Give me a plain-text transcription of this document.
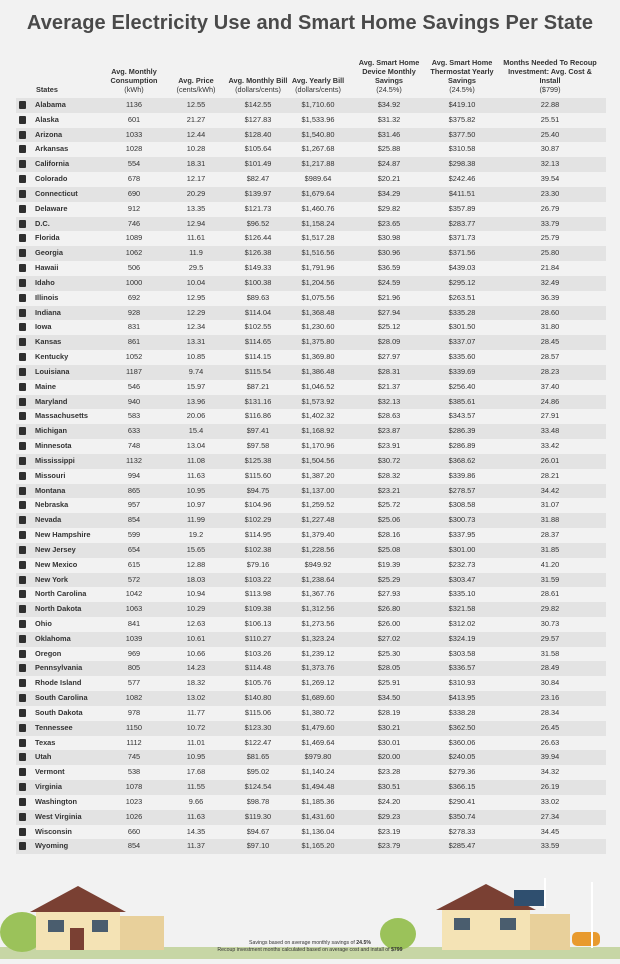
Average Electricity Use and Smart Home Savings Per State
States
Avg. Monthly Consumption
(kWh)
Avg. Price
(cents/kWh)
Avg. Monthly Bill
(dollars/cents)
Avg. Yearly Bill
(dollars/cents)
Avg. Smart Home Device Monthly Savings
(24.5%)
Avg. Smart Home Thermostat Yearly Savings
(24.5%)
Months Needed To Recoup Investment: Avg. Cost & Install
($799)
Alabama	1136	12.55	$142.55	$1,710.60	$34.92	$419.10	22.88
Alaska	601	21.27	$127.83	$1,533.96	$31.32	$375.82	25.51
Arizona	1033	12.44	$128.40	$1,540.80	$31.46	$377.50	25.40
Arkansas	1028	10.28	$105.64	$1,267.68	$25.88	$310.58	30.87
California	554	18.31	$101.49	$1,217.88	$24.87	$298.38	32.13
Colorado	678	12.17	$82.47	$989.64	$20.21	$242.46	39.54
Connecticut	690	20.29	$139.97	$1,679.64	$34.29	$411.51	23.30
Delaware	912	13.35	$121.73	$1,460.76	$29.82	$357.89	26.79
D.C.	746	12.94	$96.52	$1,158.24	$23.65	$283.77	33.79
Florida	1089	11.61	$126.44	$1,517.28	$30.98	$371.73	25.79
Georgia	1062	11.9	$126.38	$1,516.56	$30.96	$371.56	25.80
Hawaii	506	29.5	$149.33	$1,791.96	$36.59	$439.03	21.84
Idaho	1000	10.04	$100.38	$1,204.56	$24.59	$295.12	32.49
Illinois	692	12.95	$89.63	$1,075.56	$21.96	$263.51	36.39
Indiana	928	12.29	$114.04	$1,368.48	$27.94	$335.28	28.60
Iowa	831	12.34	$102.55	$1,230.60	$25.12	$301.50	31.80
Kansas	861	13.31	$114.65	$1,375.80	$28.09	$337.07	28.45
Kentucky	1052	10.85	$114.15	$1,369.80	$27.97	$335.60	28.57
Louisiana	1187	9.74	$115.54	$1,386.48	$28.31	$339.69	28.23
Maine	546	15.97	$87.21	$1,046.52	$21.37	$256.40	37.40
Maryland	940	13.96	$131.16	$1,573.92	$32.13	$385.61	24.86
Massachusetts	583	20.06	$116.86	$1,402.32	$28.63	$343.57	27.91
Michigan	633	15.4	$97.41	$1,168.92	$23.87	$286.39	33.48
Minnesota	748	13.04	$97.58	$1,170.96	$23.91	$286.89	33.42
Mississippi	1132	11.08	$125.38	$1,504.56	$30.72	$368.62	26.01
Missouri	994	11.63	$115.60	$1,387.20	$28.32	$339.86	28.21
Montana	865	10.95	$94.75	$1,137.00	$23.21	$278.57	34.42
Nebraska	957	10.97	$104.96	$1,259.52	$25.72	$308.58	31.07
Nevada	854	11.99	$102.29	$1,227.48	$25.06	$300.73	31.88
New Hampshire	599	19.2	$114.95	$1,379.40	$28.16	$337.95	28.37
New Jersey	654	15.65	$102.38	$1,228.56	$25.08	$301.00	31.85
New Mexico	615	12.88	$79.16	$949.92	$19.39	$232.73	41.20
New York	572	18.03	$103.22	$1,238.64	$25.29	$303.47	31.59
North Carolina	1042	10.94	$113.98	$1,367.76	$27.93	$335.10	28.61
North Dakota	1063	10.29	$109.38	$1,312.56	$26.80	$321.58	29.82
Ohio	841	12.63	$106.13	$1,273.56	$26.00	$312.02	30.73
Oklahoma	1039	10.61	$110.27	$1,323.24	$27.02	$324.19	29.57
Oregon	969	10.66	$103.26	$1,239.12	$25.30	$303.58	31.58
Pennsylvania	805	14.23	$114.48	$1,373.76	$28.05	$336.57	28.49
Rhode Island	577	18.32	$105.76	$1,269.12	$25.91	$310.93	30.84
South Carolina	1082	13.02	$140.80	$1,689.60	$34.50	$413.95	23.16
South Dakota	978	11.77	$115.06	$1,380.72	$28.19	$338.28	28.34
Tennessee	1150	10.72	$123.30	$1,479.60	$30.21	$362.50	26.45
Texas	1112	11.01	$122.47	$1,469.64	$30.01	$360.06	26.63
Utah	745	10.95	$81.65	$979.80	$20.00	$240.05	39.94
Vermont	538	17.68	$95.02	$1,140.24	$23.28	$279.36	34.32
Virginia	1078	11.55	$124.54	$1,494.48	$30.51	$366.15	26.19
Washington	1023	9.66	$98.78	$1,185.36	$24.20	$290.41	33.02
West Virginia	1026	11.63	$119.30	$1,431.60	$29.23	$350.74	27.34
Wisconsin	660	14.35	$94.67	$1,136.04	$23.19	$278.33	34.45
Wyoming	854	11.37	$97.10	$1,165.20	$23.79	$285.47	33.59
Savings based on average monthly savings of 24.5%
Recoup investment months calculated based on average cost and install of $799
